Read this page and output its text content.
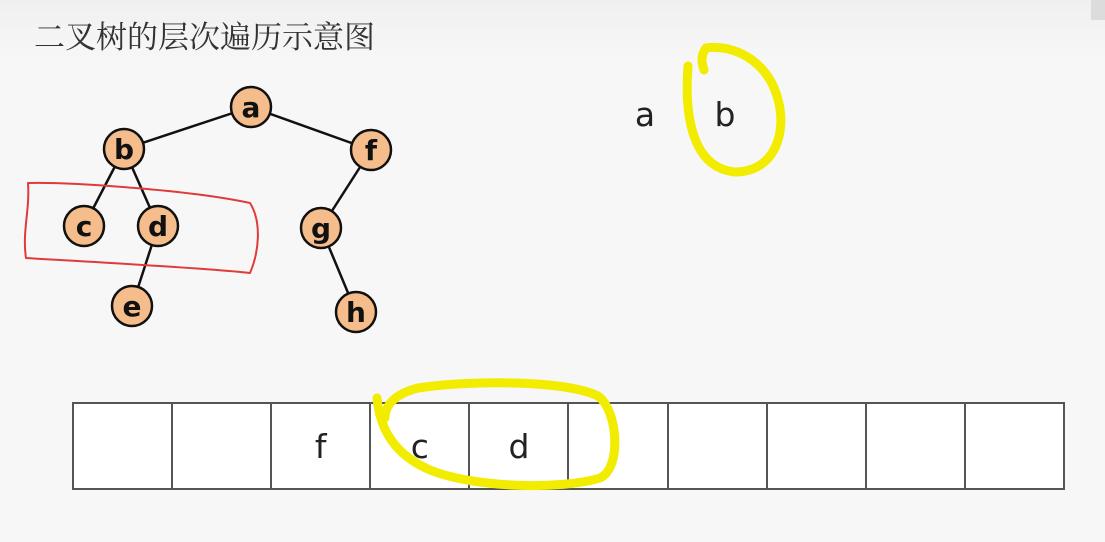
二叉树的层次遍历示意图
a
b	f
c d	g
e	h
a b
f	c	d
